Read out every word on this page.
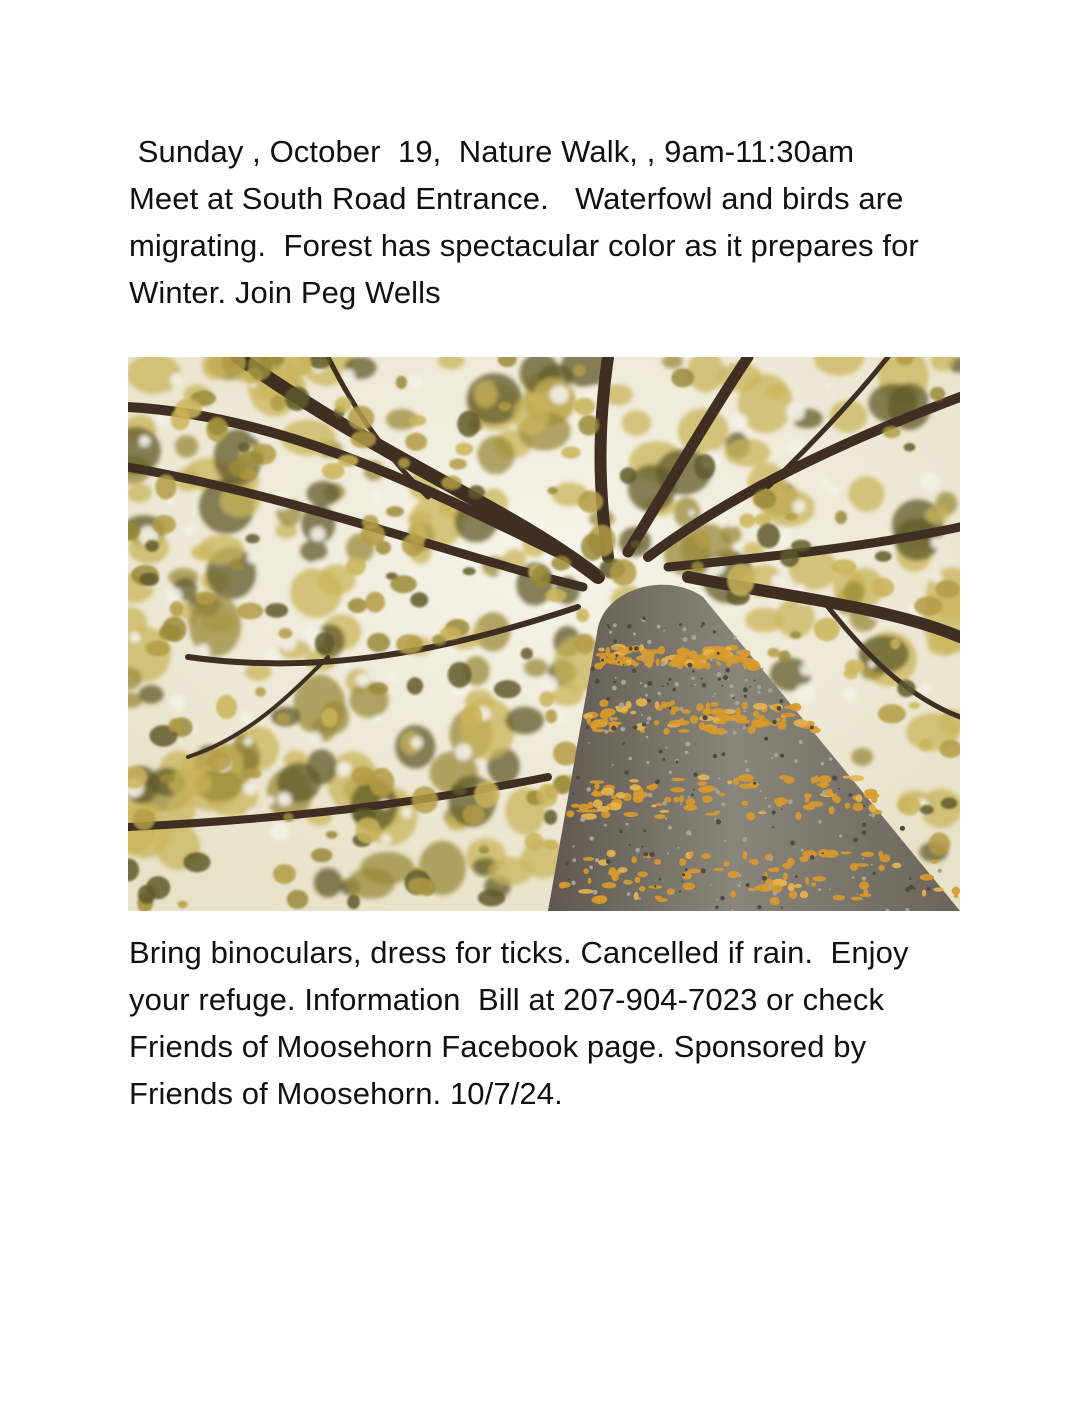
Sunday , October  19,  Nature Walk, , 9am-11:30am
Meet at South Road Entrance.   Waterfowl and birds are
migrating.  Forest has spectacular color as it prepares for
Winter. Join Peg Wells
Bring binoculars, dress for ticks. Cancelled if rain.  Enjoy
your refuge. Information  Bill at 207-904-7023 or check
Friends of Moosehorn Facebook page. Sponsored by
Friends of Moosehorn. 10/7/24.
